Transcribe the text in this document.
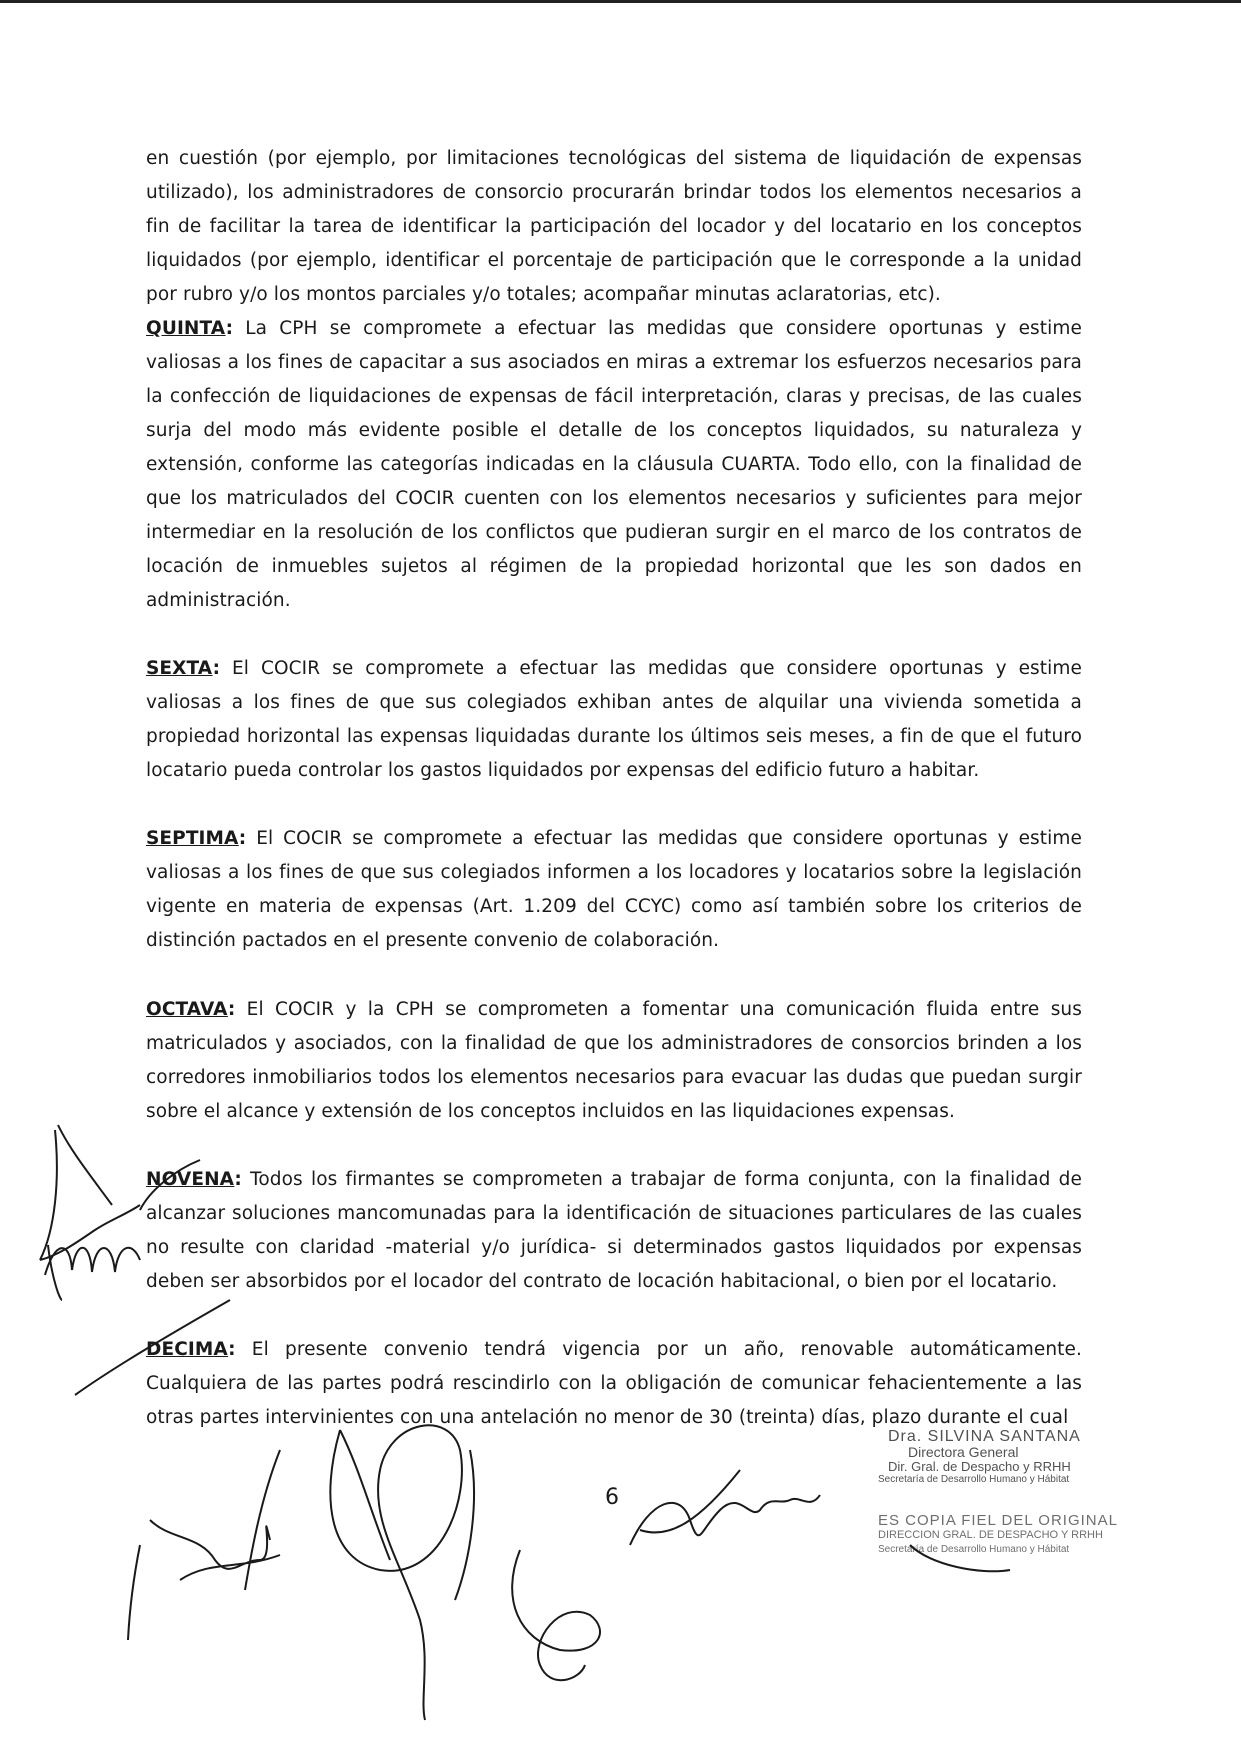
en cuestión (por ejemplo, por limitaciones tecnológicas del sistema de liquidación de expensas utilizado), los administradores de consorcio procurarán brindar todos los elementos necesarios a fin de facilitar la tarea de identificar la participación del locador y del locatario en los conceptos liquidados (por ejemplo, identificar el porcentaje de participación que le corresponde a la unidad por rubro y/o los montos parciales y/o totales; acompañar minutas aclaratorias, etc).
QUINTA: La CPH se compromete a efectuar las medidas que considere oportunas y estime valiosas a los fines de capacitar a sus asociados en miras a extremar los esfuerzos necesarios para la confección de liquidaciones de expensas de fácil interpretación, claras y precisas, de las cuales surja del modo más evidente posible el detalle de los conceptos liquidados, su naturaleza y extensión, conforme las categorías indicadas en la cláusula CUARTA. Todo ello, con la finalidad de que los matriculados del COCIR cuenten con los elementos necesarios y suficientes para mejor intermediar en la resolución de los conflictos que pudieran surgir en el marco de los contratos de locación de inmuebles sujetos al régimen de la propiedad horizontal que les son dados en administración.
SEXTA: El COCIR se compromete a efectuar las medidas que considere oportunas y estime valiosas a los fines de que sus colegiados exhiban antes de alquilar una vivienda sometida a propiedad horizontal las expensas liquidadas durante los últimos seis meses, a fin de que el futuro locatario pueda controlar los gastos liquidados por expensas del edificio futuro a habitar.
SEPTIMA: El COCIR se compromete a efectuar las medidas que considere oportunas y estime valiosas a los fines de que sus colegiados informen a los locadores y locatarios sobre la legislación vigente en materia de expensas (Art. 1.209 del CCYC) como así también sobre los criterios de distinción pactados en el presente convenio de colaboración.
OCTAVA: El COCIR y la CPH se comprometen a fomentar una comunicación fluida entre sus matriculados y asociados, con la finalidad de que los administradores de consorcios brinden a los corredores inmobiliarios todos los elementos necesarios para evacuar las dudas que puedan surgir sobre el alcance y extensión de los conceptos incluidos en las liquidaciones expensas.
NOVENA: Todos los firmantes se comprometen a trabajar de forma conjunta, con la finalidad de alcanzar soluciones mancomunadas para la identificación de situaciones particulares de las cuales no resulte con claridad -material y/o jurídica- si determinados gastos liquidados por expensas deben ser absorbidos por el locador del contrato de locación habitacional, o bien por el locatario.
DECIMA: El presente convenio tendrá vigencia por un año, renovable automáticamente. Cualquiera de las partes podrá rescindirlo con la obligación de comunicar fehacientemente a las otras partes intervinientes con una antelación no menor de 30 (treinta) días, plazo durante el cual
6
Dra. SILVINA SANTANA
Directora General
Dir. Gral. de Despacho y RRHH
Secretaría de Desarrollo Humano y Hábitat
ES COPIA FIEL DEL ORIGINAL
DIRECCION GRAL. DE DESPACHO Y RRHH
Secretaría de Desarrollo Humano y Hábitat
